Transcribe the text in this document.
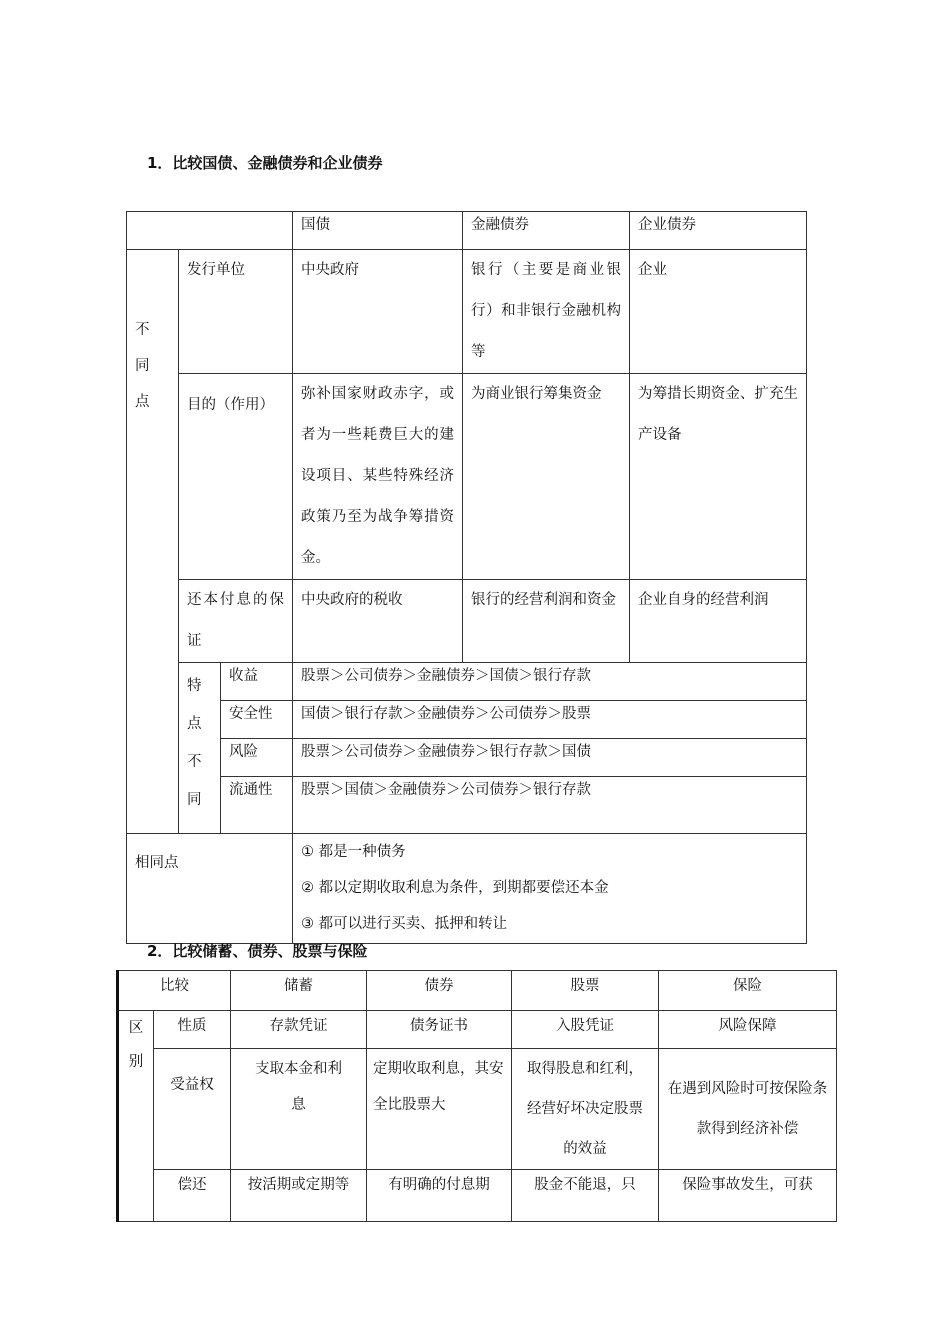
1．比较国债、金融债券和企业债券
			国债	金融债券	企业债券

不
同
点	发行单位		中央政府	银行（主要是商业银行）和非银行金融机构等	企业
	目的（作用）		弥补国家财政赤字，或者为一些耗费巨大的建设项目、某些特殊经济政策乃至为战争筹措资金。	为商业银行筹集资金	为筹措长期资金、扩充生产设备
	还本付息的保证		中央政府的税收	银行的经营利润和资金	企业自身的经营利润

	特
点
不
同	收益	股票＞公司债券＞金融债券＞国债＞银行存款		
		安全性	国债＞银行存款＞金融债券＞公司债券＞股票		
		风险	股票＞公司债券＞金融债券＞银行存款＞国债		
		流通性	股票＞国债＞金融债券＞公司债券＞银行存款		
相同点			① 都是一种债务
② 都以定期收取利息为条件，到期都要偿还本金
③ 都可以进行买卖、抵押和转让		
2．比较储蓄、债券、股票与保险
比较		储蓄	债券	股票	保险

区
别	性质	存款凭证	债务证书	入股凭证	风险保障
	受益权	支取本金和利息	定期收取利息，其安全比股票大	取得股息和红利，经营好坏决定股票的效益	在遇到风险时可按保险条款得到经济补偿
	偿还	按活期或定期等	有明确的付息期	股金不能退，只	保险事故发生，可获
